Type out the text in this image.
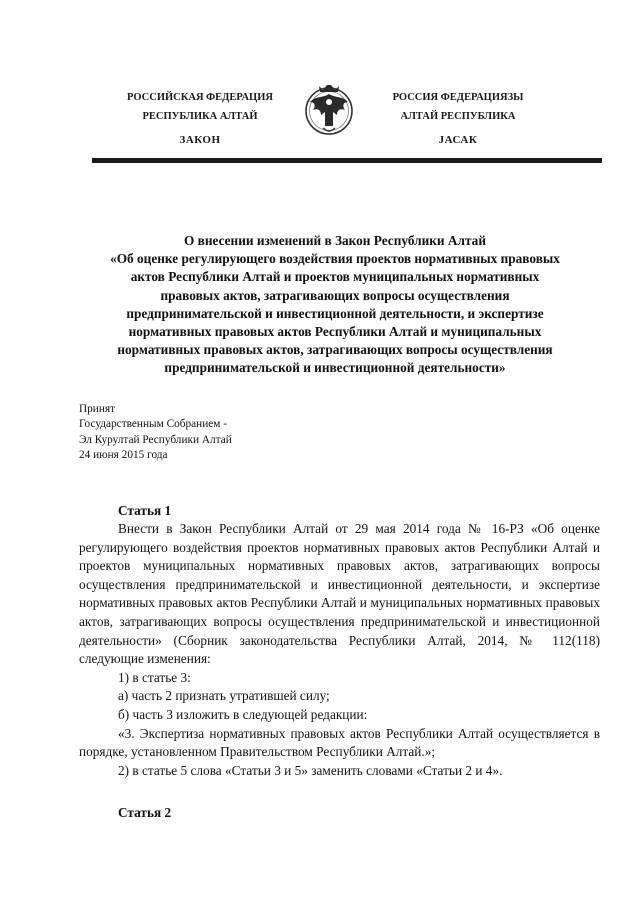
РОССИЙСКАЯ ФЕДЕРАЦИЯ
РЕСПУБЛИКА АЛТАЙ
ЗАКОН
РОССИЯ ФЕДЕРАЦИЯЗЫ
АЛТАЙ РЕСПУБЛИКА
JАСАК
О внесении изменений в Закон Республики Алтай
«Об оценке регулирующего воздействия проектов нормативных правовых
актов Республики Алтай и проектов муниципальных нормативных
правовых актов, затрагивающих вопросы осуществления
предпринимательской и инвестиционной деятельности, и экспертизе
нормативных правовых актов Республики Алтай и муниципальных
нормативных правовых актов, затрагивающих вопросы осуществления
предпринимательской и инвестиционной деятельности»
Принят
Государственным Собранием -
Эл Курултай Республики Алтай
24 июня 2015 года
Статья 1

Внести в Закон Республики Алтай от 29 мая 2014 года № 16-РЗ «Об оценке регулирующего воздействия проектов нормативных правовых актов Республики Алтай и проектов муниципальных нормативных правовых актов, затрагивающих вопросы осуществления предпринимательской и инвестиционной деятельности, и экспертизе нормативных правовых актов Республики Алтай и муниципальных нормативных правовых актов, затрагивающих вопросы осуществления предпринимательской и инвестиционной деятельности» (Сборник законодательства Республики Алтай, 2014, № 112(118) следующие изменения:

1) в статье 3:

а) часть 2 признать утратившей силу;

б) часть 3 изложить в следующей редакции:

«3. Экспертиза нормативных правовых актов Республики Алтай осуществляется в порядке, установленном Правительством Республики Алтай.»;

2) в статье 5 слова «Статьи 3 и 5» заменить словами «Статьи 2 и 4».

Статья 2
